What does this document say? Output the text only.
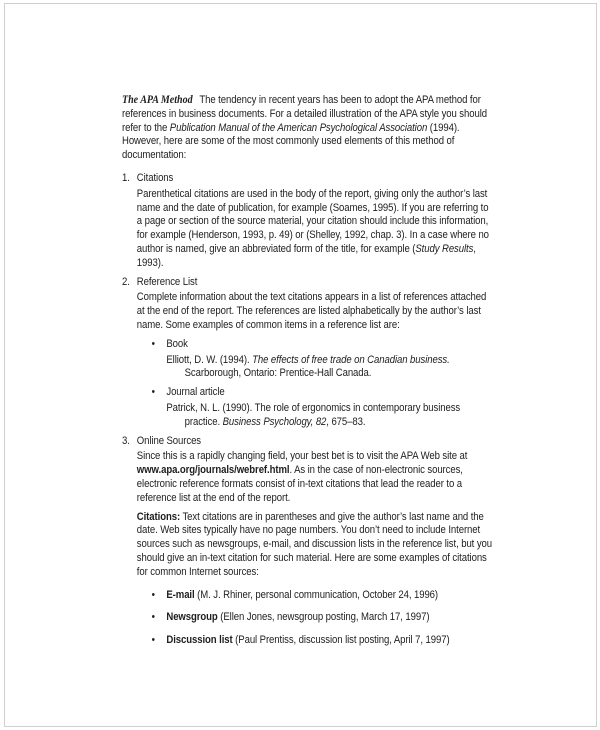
The APA Method The tendency in recent years has been to adopt the APA method for references in business documents. For a detailed illustration of the APA style you should refer to the Publication Manual of the American Psychological Association (1994). However, here are some of the most commonly used elements of this method of documentation:

1. Citations

Parenthetical citations are used in the body of the report, giving only the author’s last name and the date of publication, for example (Soames, 1995). If you are referring to a page or section of the source material, your citation should include this information, for example (Henderson, 1993, p. 49) or (Shelley, 1992, chap. 3). In a case where no author is named, give an abbreviated form of the title, for example (Study Results, 1993).

2. Reference List

Complete information about the text citations appears in a list of references attached at the end of the report. The references are listed alphabetically by the author’s last name. Some examples of common items in a reference list are:

•	Book

Elliott, D. W. (1994). The effects of free trade on Canadian business. Scarborough, Ontario: Prentice-Hall Canada.

•	Journal article

Patrick, N. L. (1990). The role of ergonomics in contemporary business practice. Business Psychology, 82, 675–83.

3. Online Sources

Since this is a rapidly changing field, your best bet is to visit the APA Web site at www.apa.org/journals/webref.html. As in the case of non-electronic sources, electronic reference formats consist of in-text citations that lead the reader to a reference list at the end of the report.

Citations: Text citations are in parentheses and give the author’s last name and the date. Web sites typically have no page numbers. You don’t need to include Internet sources such as newsgroups, e-mail, and discussion lists in the reference list, but you should give an in-text citation for such material. Here are some examples of citations for common Internet sources:

•	E-mail (M. J. Rhiner, personal communication, October 24, 1996)
•	Newsgroup (Ellen Jones, newsgroup posting, March 17, 1997)
•	Discussion list (Paul Prentiss, discussion list posting, April 7, 1997)
